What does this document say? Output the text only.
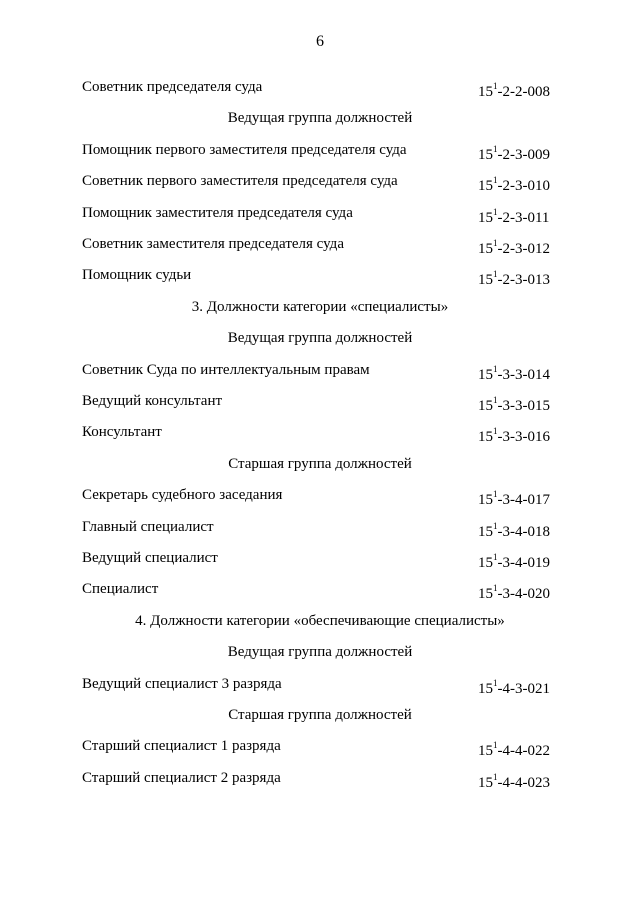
6
Советник председателя суда	$15^1-2-2-008$
Ведущая группа должностей
Помощник первого заместителя председателя суда	$15^1-2-3-009$
Советник первого заместителя председателя суда	$15^1-2-3-010$
Помощник заместителя председателя суда	$15^1-2-3-011$
Советник заместителя председателя суда	$15^1-2-3-012$
Помощник судьи	$15^1-2-3-013$
3. Должности категории «специалисты»
Ведущая группа должностей
Советник Суда по интеллектуальным правам	$15^1-3-3-014$
Ведущий консультант	$15^1-3-3-015$
Консультант	$15^1-3-3-016$
Старшая группа должностей
Секретарь судебного заседания	$15^1-3-4-017$
Главный специалист	$15^1-3-4-018$
Ведущий специалист	$15^1-3-4-019$
Специалист	$15^1-3-4-020$
4. Должности категории «обеспечивающие специалисты»
Ведущая группа должностей
Ведущий специалист 3 разряда	$15^1-4-3-021$
Старшая группа должностей
Старший специалист 1 разряда	$15^1-4-4-022$
Старший специалист 2 разряда	$15^1-4-4-023$
